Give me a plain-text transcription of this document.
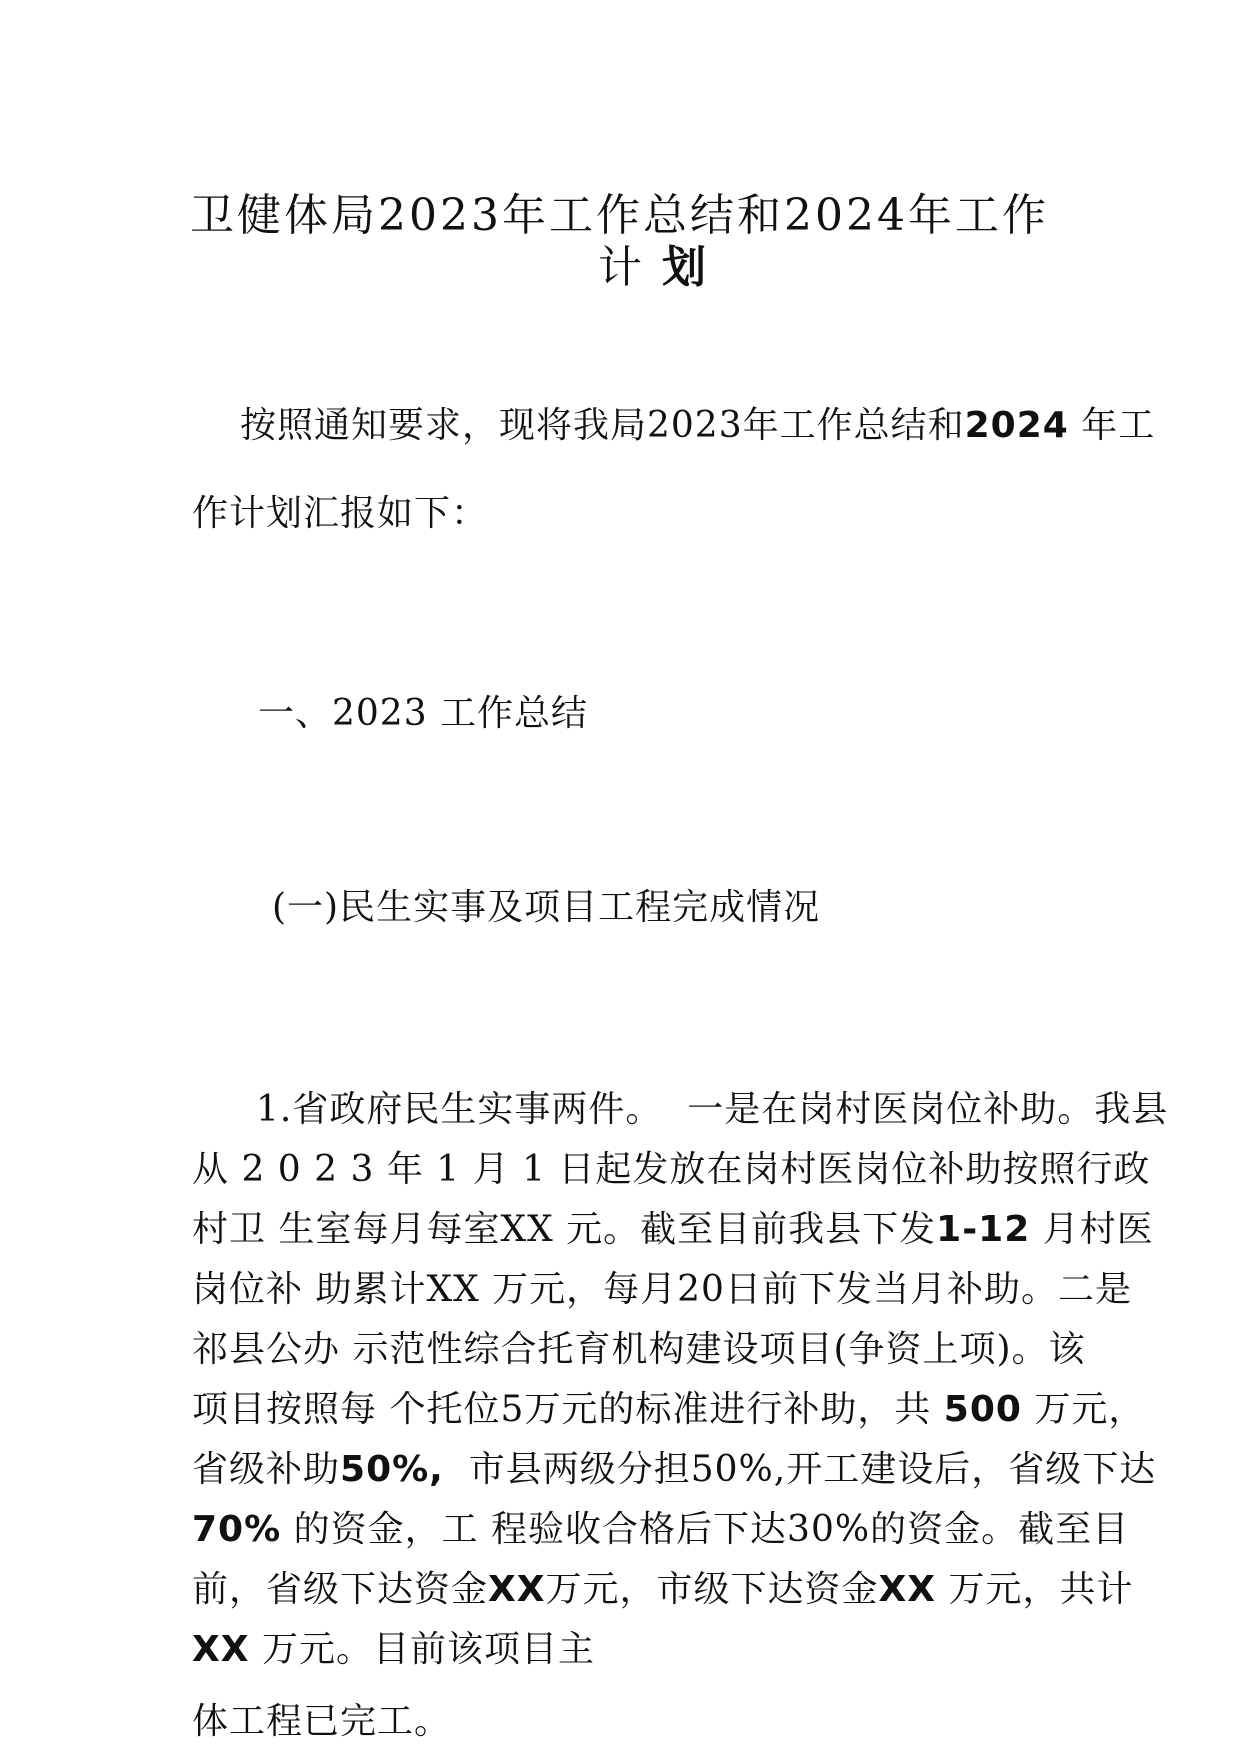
卫健体局2023年工作总结和2024年工作
计 划
按照通知要求，现将我局2023年工作总结和2024 年工
作计划汇报如下：
一、2023 工作总结
(一)民生实事及项目工程完成情况
1.省政府民生实事两件。  一是在岗村医岗位补助。我县
从 2 0 2 3 年 1 月 1 日起发放在岗村医岗位补助按照行政
村卫 生室每月每室XX 元。截至目前我县下发1-12 月村医
岗位补 助累计XX 万元，每月20日前下发当月补助。二是
祁县公办 示范性综合托育机构建设项目(争资上项)。该
项目按照每 个托位5万元的标准进行补助，共 500 万元，
省级补助50%,  市县两级分担50%,开工建设后，省级下达
70% 的资金，工 程验收合格后下达30%的资金。截至目
前，省级下达资金XX万元，市级下达资金XX 万元，共计
XX 万元。目前该项目主
体工程已完工。
